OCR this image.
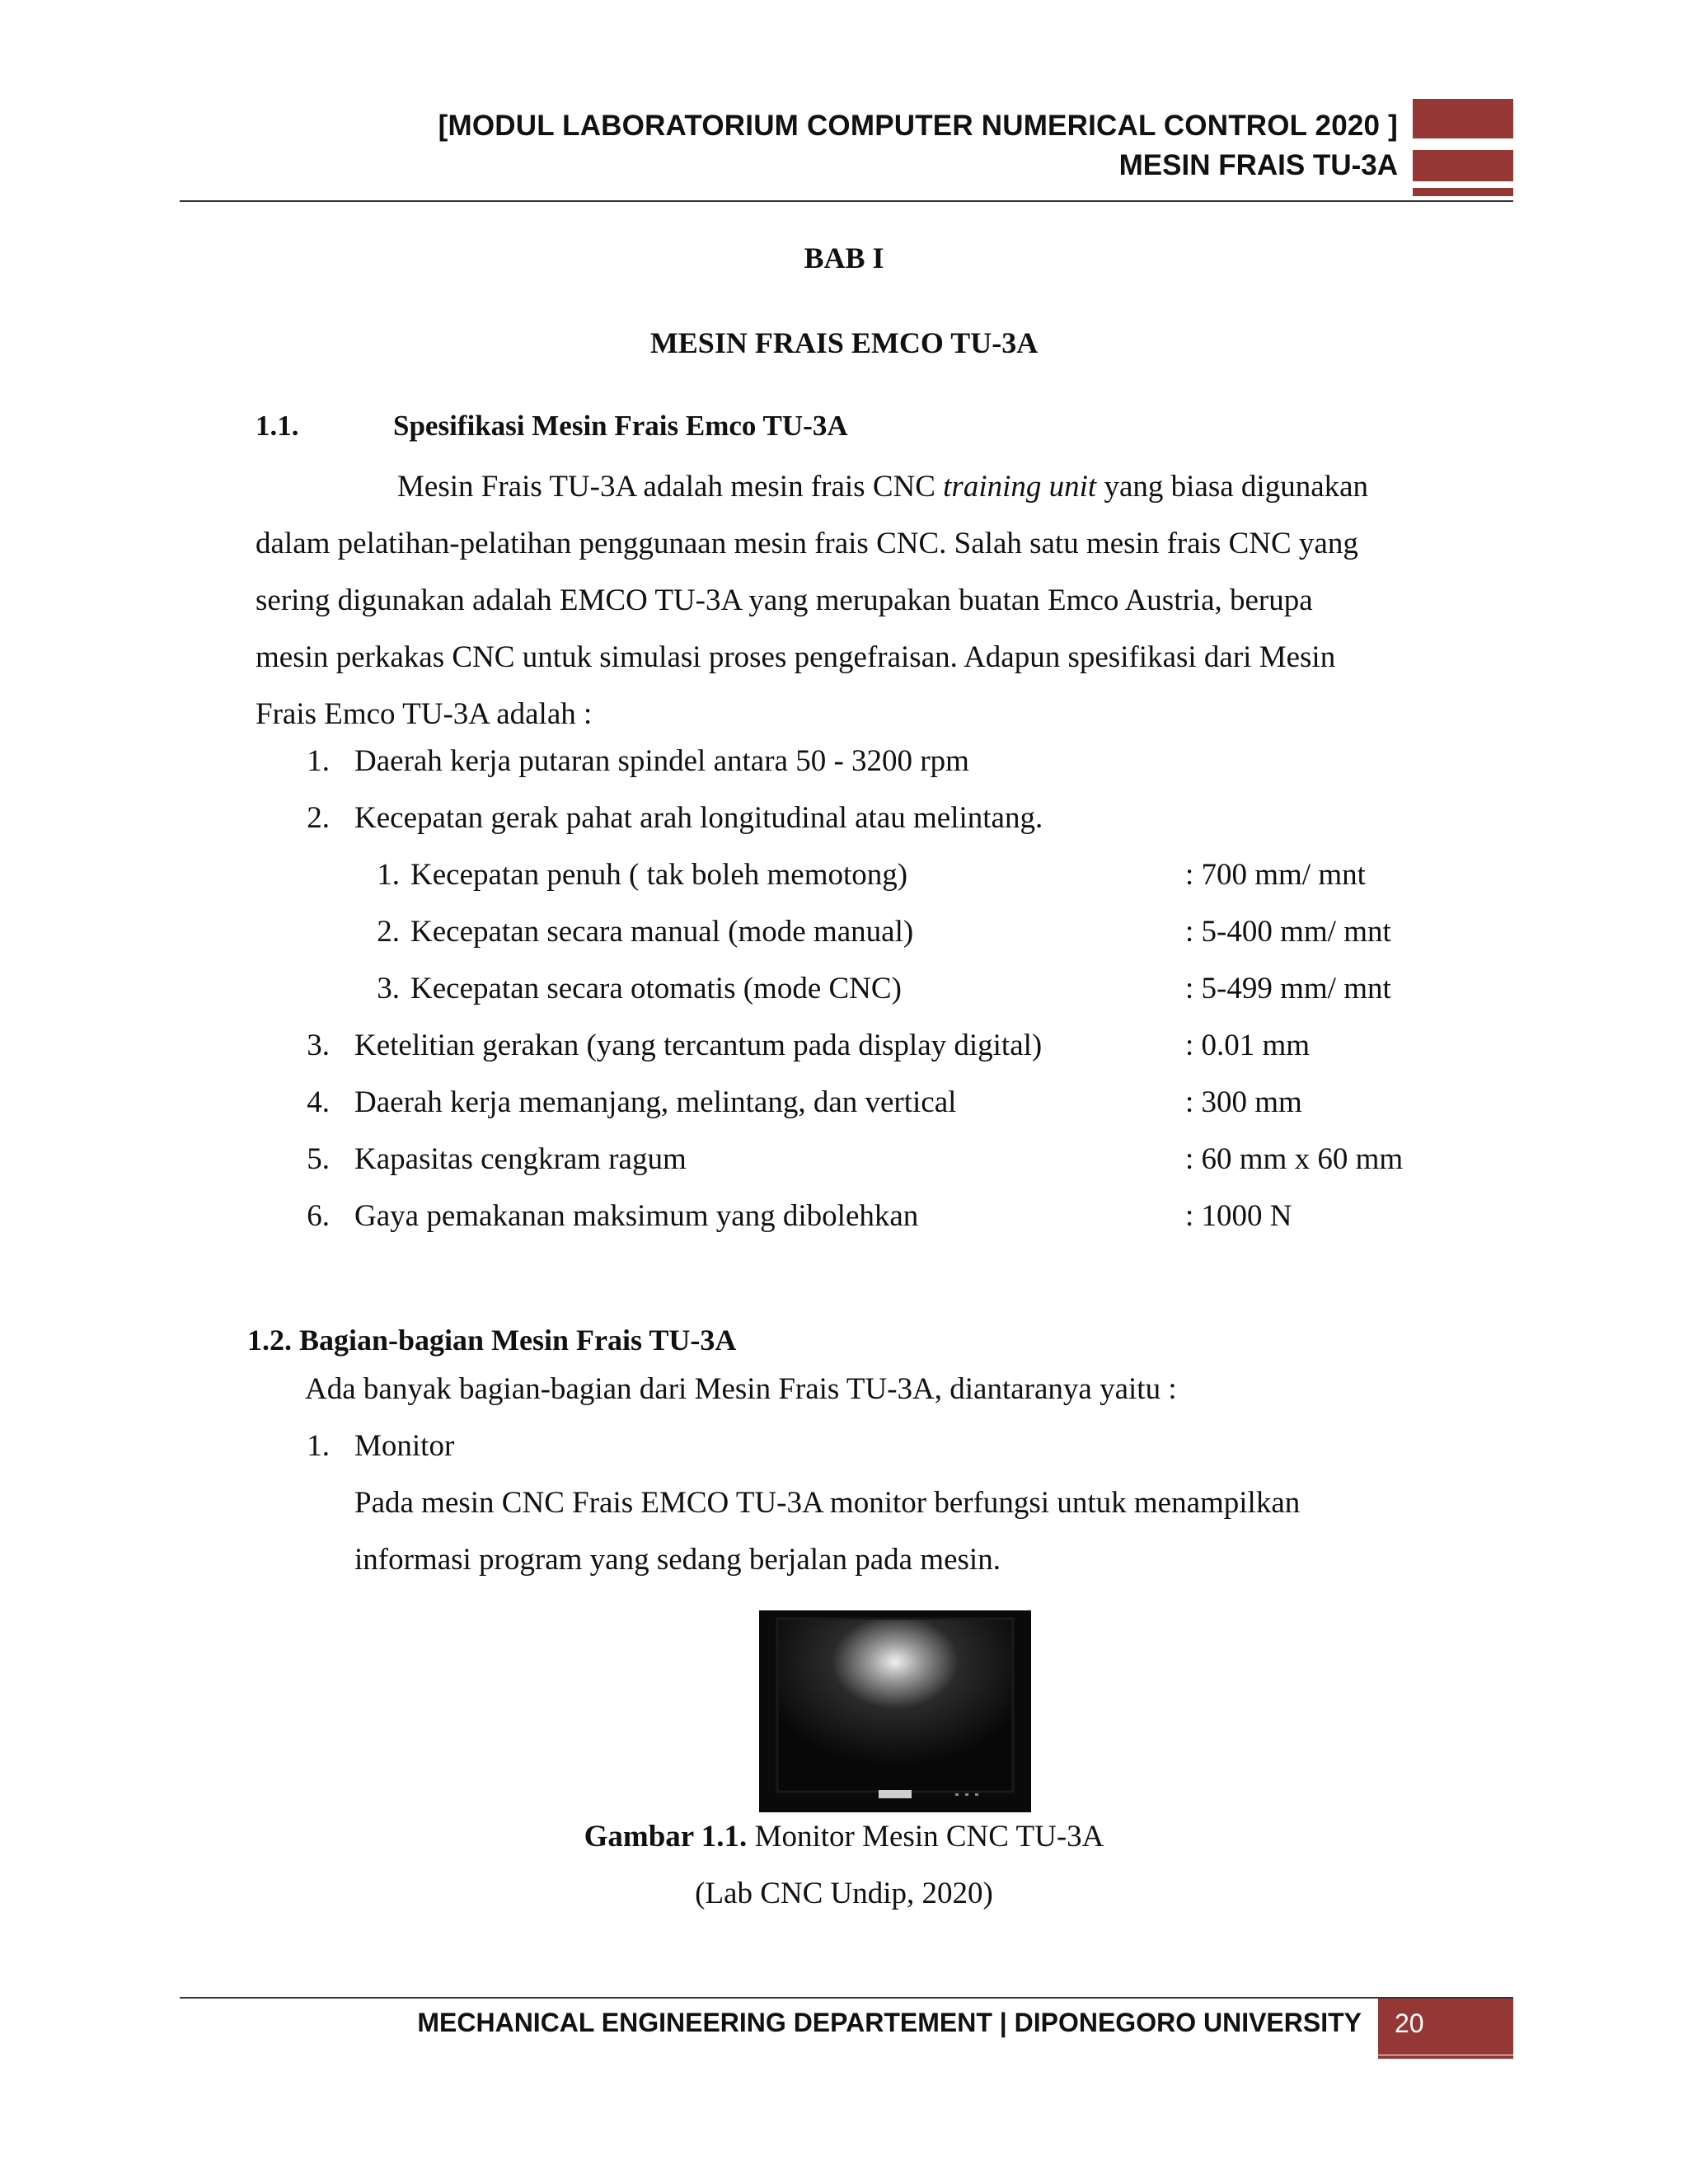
[MODUL LABORATORIUM COMPUTER NUMERICAL CONTROL 2020 ]
MESIN FRAIS TU-3A
BAB I
MESIN FRAIS EMCO TU-3A
1.1.	Spesifikasi Mesin Frais Emco TU-3A
Mesin Frais TU-3A adalah mesin frais CNC training unit yang biasa digunakan
dalam pelatihan-pelatihan penggunaan mesin frais CNC. Salah satu mesin frais CNC yang
sering digunakan adalah EMCO TU-3A yang merupakan buatan Emco Austria, berupa
mesin perkakas CNC untuk simulasi proses pengefraisan. Adapun spesifikasi dari Mesin
Frais Emco TU-3A adalah :
1. Daerah kerja putaran spindel antara 50 - 3200 rpm
2. Kecepatan gerak pahat arah longitudinal atau melintang.
1. Kecepatan penuh ( tak boleh memotong)	: 700 mm/ mnt
2. Kecepatan secara manual (mode manual)	: 5-400 mm/ mnt
3. Kecepatan secara otomatis (mode CNC)	: 5-499 mm/ mnt
3. Ketelitian gerakan (yang tercantum pada display digital)	: 0.01 mm
4. Daerah kerja memanjang, melintang, dan vertical	: 300 mm
5. Kapasitas cengkram ragum	: 60 mm x 60 mm
6. Gaya pemakanan maksimum yang dibolehkan	: 1000 N
1.2. Bagian-bagian Mesin Frais TU-3A
Ada banyak bagian-bagian dari Mesin Frais TU-3A, diantaranya yaitu :
1. Monitor
Pada mesin CNC Frais EMCO TU-3A monitor berfungsi untuk menampilkan
informasi program yang sedang berjalan pada mesin.
Gambar 1.1. Monitor Mesin CNC TU-3A
(Lab CNC Undip, 2020)
MECHANICAL ENGINEERING DEPARTEMENT | DIPONEGORO UNIVERSITY 20
